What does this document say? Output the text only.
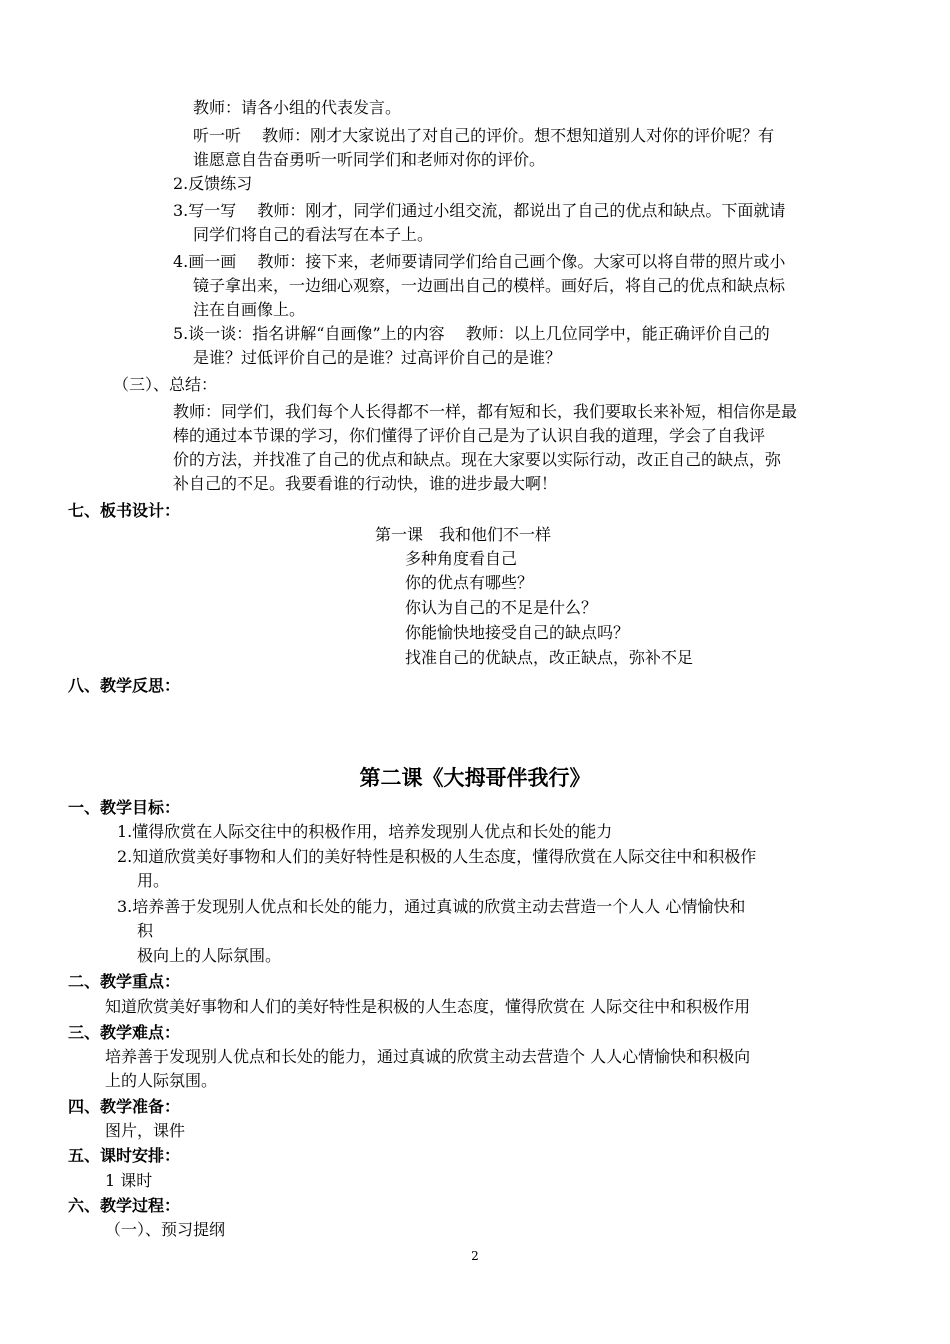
教师：请各小组的代表发言。
听一听　 教师：刚才大家说出了对自己的评价。想不想知道别人对你的评价呢？有
谁愿意自告奋勇听一听同学们和老师对你的评价。
2.反馈练习
3.写一写　 教师：刚才，同学们通过小组交流，都说出了自己的优点和缺点。下面就请
同学们将自己的看法写在本子上。
4.画一画　 教师：接下来，老师要请同学们给自己画个像。大家可以将自带的照片或小
镜子拿出来，一边细心观察，一边画出自己的模样。画好后，将自己的优点和缺点标
注在自画像上。
5.谈一谈：指名讲解“自画像”上的内容　 教师：以上几位同学中，能正确评价自己的
是谁？过低评价自己的是谁？过高评价自己的是谁？
（三）、总结：
教师：同学们，我们每个人长得都不一样，都有短和长，我们要取长来补短，相信你是最
棒的通过本节课的学习，你们懂得了评价自己是为了认识自我的道理，学会了自我评
价的方法，并找准了自己的优点和缺点。现在大家要以实际行动，改正自己的缺点，弥
补自己的不足。我要看谁的行动快，谁的进步最大啊！
七、板书设计：
第一课　我和他们不一样
多种角度看自己
你的优点有哪些？
你认为自己的不足是什么？
你能愉快地接受自己的缺点吗？
找准自己的优缺点，改正缺点，弥补不足
八、教学反思：
第二课《大拇哥伴我行》
一、教学目标：
1.懂得欣赏在人际交往中的积极作用，培养发现别人优点和长处的能力
2.知道欣赏美好事物和人们的美好特性是积极的人生态度，懂得欣赏在人际交往中和积极作
用。
3.培养善于发现别人优点和长处的能力，通过真诚的欣赏主动去营造一个人人 心情愉快和
积
极向上的人际氛围。
二、教学重点：
知道欣赏美好事物和人们的美好特性是积极的人生态度，懂得欣赏在 人际交往中和积极作用
三、教学难点：
培养善于发现别人优点和长处的能力，通过真诚的欣赏主动去营造个 人人心情愉快和积极向
上的人际氛围。
四、教学准备：
图片，课件
五、课时安排：
1 课时
六、教学过程：
（一）、预习提纲
2
